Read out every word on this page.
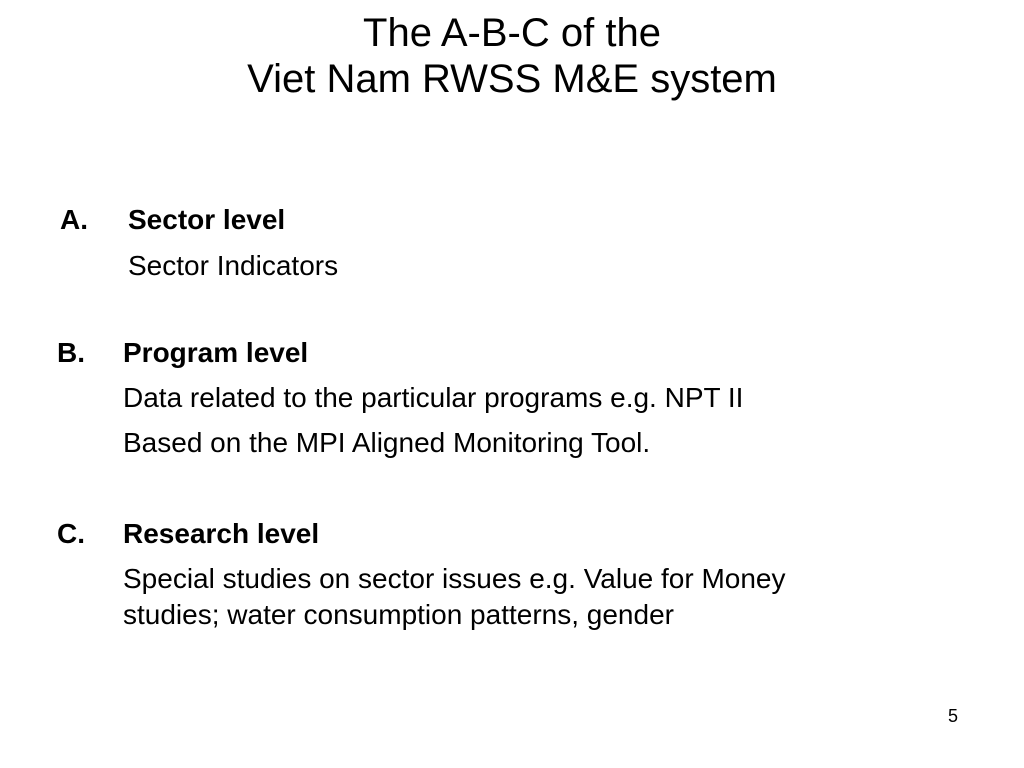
The A-B-C of the
Viet Nam RWSS M&E system
A. Sector level
Sector Indicators
B. Program level
Data related to the particular programs e.g. NPT II
Based on the MPI Aligned Monitoring Tool.
C. Research level
Special studies on sector issues e.g. Value for Money
studies; water consumption patterns, gender
5
